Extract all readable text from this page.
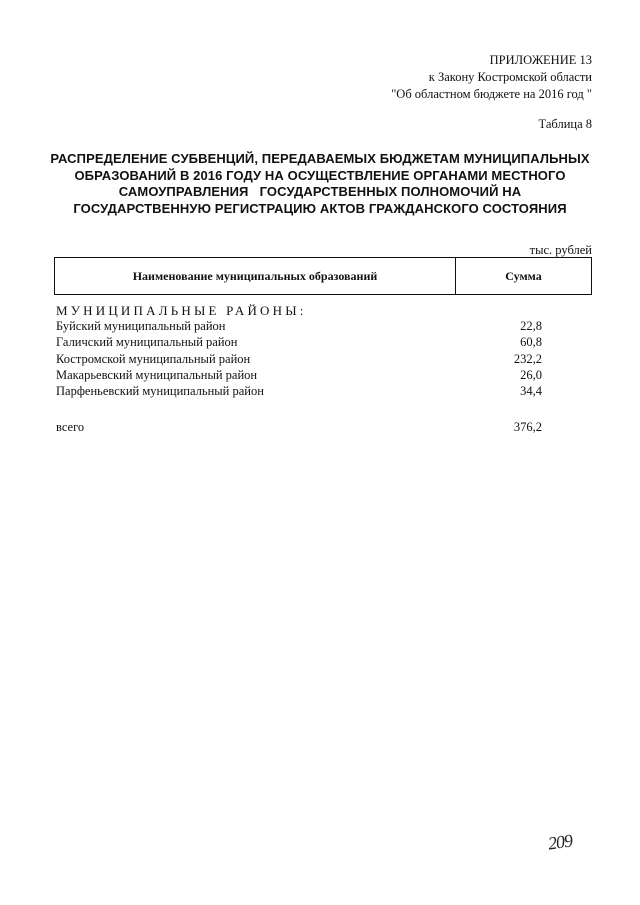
ПРИЛОЖЕНИЕ 13
к Закону Костромской области
"Об областном бюджете на 2016 год "
Таблица 8
РАСПРЕДЕЛЕНИЕ СУБВЕНЦИЙ, ПЕРЕДАВАЕМЫХ БЮДЖЕТАМ МУНИЦИПАЛЬНЫХ
ОБРАЗОВАНИЙ В 2016 ГОДУ НА ОСУЩЕСТВЛЕНИЕ ОРГАНАМИ МЕСТНОГО
САМОУПРАВЛЕНИЯ   ГОСУДАРСТВЕННЫХ ПОЛНОМОЧИЙ НА
ГОСУДАРСТВЕННУЮ РЕГИСТРАЦИЮ АКТОВ ГРАЖДАНСКОГО СОСТОЯНИЯ
тыс. рублей
Наименование муниципальных образований	Сумма
МУНИЦИПАЛЬНЫЕ РАЙОНЫ:
Буйский муниципальный район	22,8
Галичский муниципальный район	60,8
Костромской муниципальный район	232,2
Макарьевский муниципальный район	26,0
Парфеньевский муниципальный район	34,4
всего	376,2
209
